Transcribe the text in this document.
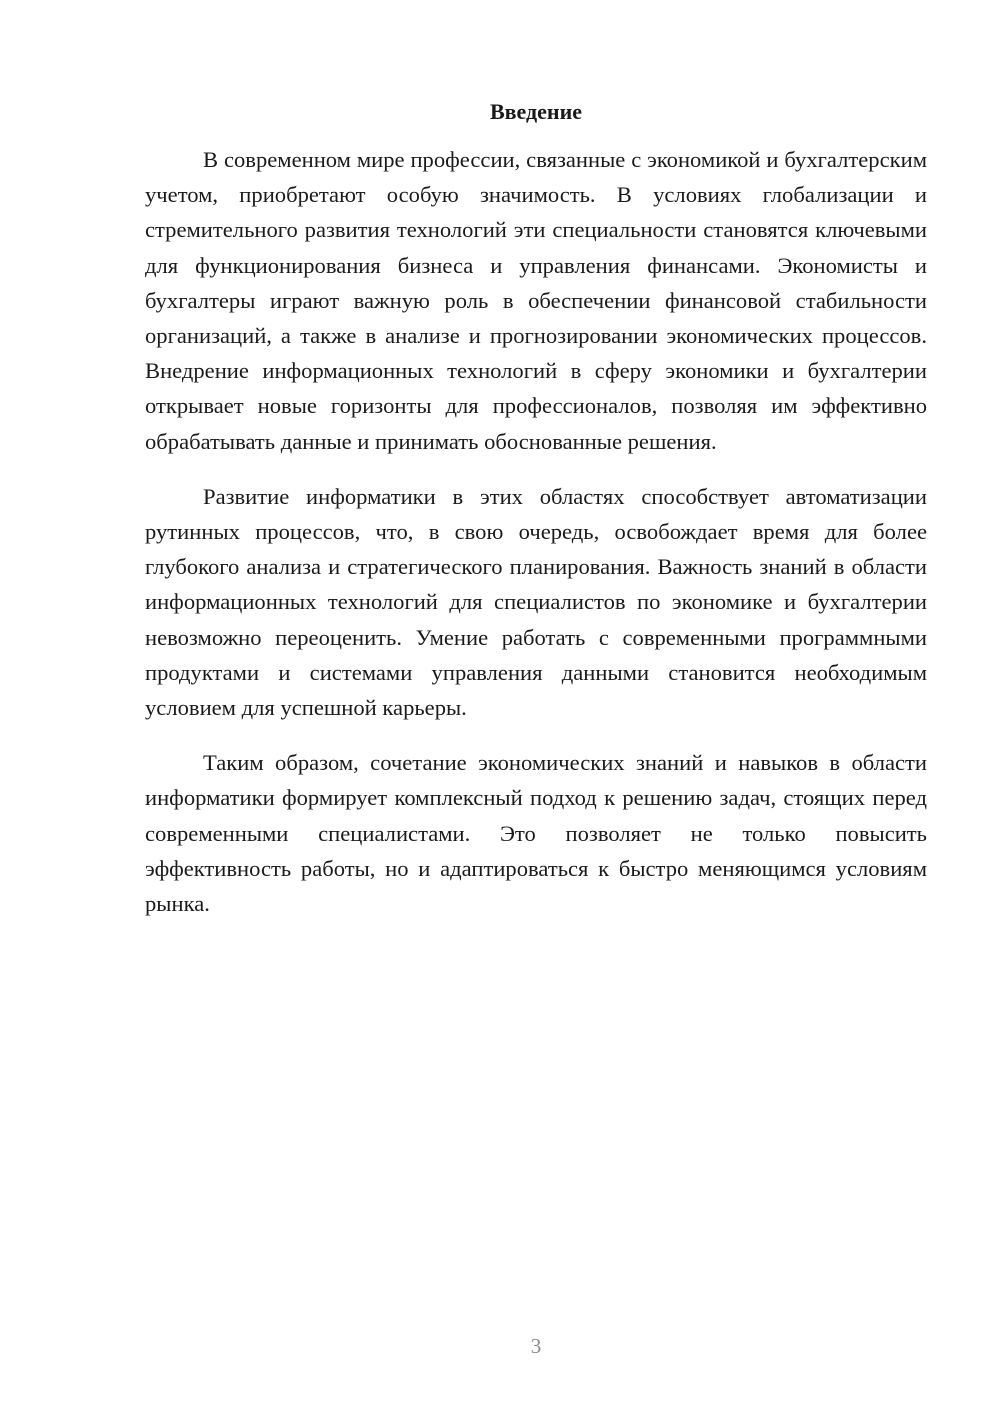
Введение

В современном мире профессии, связанные с экономикой и бухгалтерским учетом, приобретают особую значимость. В условиях глобализации и стремительного развития технологий эти специальности становятся ключевыми для функционирования бизнеса и управления финансами. Экономисты и бухгалтеры играют важную роль в обеспечении финансовой стабильности организаций, а также в анализе и прогнозировании экономических процессов. Внедрение информационных технологий в сферу экономики и бухгалтерии открывает новые горизонты для профессионалов, позволяя им эффективно обрабатывать данные и принимать обоснованные решения.

Развитие информатики в этих областях способствует автоматизации рутинных процессов, что, в свою очередь, освобождает время для более глубокого анализа и стратегического планирования. Важность знаний в области информационных технологий для специалистов по экономике и бухгалтерии невозможно переоценить. Умение работать с современными программными продуктами и системами управления данными становится необходимым условием для успешной карьеры.

Таким образом, сочетание экономических знаний и навыков в области информатики формирует комплексный подход к решению задач, стоящих перед современными специалистами. Это позволяет не только повысить эффективность работы, но и адаптироваться к быстро меняющимся условиям рынка.

3
